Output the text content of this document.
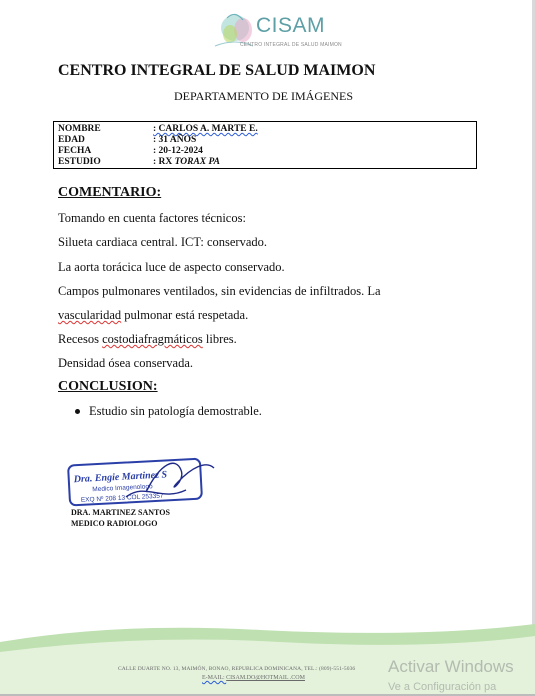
CISAM
CENTRO INTEGRAL DE SALUD MAIMON
CENTRO INTEGRAL DE SALUD MAIMON
DEPARTAMENTO DE IMÁGENES
NOMBRE	: CARLOS A. MARTE E.
EDAD	: 31 AÑOS
FECHA	: 20-12-2024
ESTUDIO	: RX TORAX PA
COMENTARIO:
Tomando en cuenta factores técnicos:
Silueta cardiaca central. ICT: conservado.
La aorta torácica luce de aspecto conservado.
Campos pulmonares ventilados, sin evidencias de infiltrados. La
vascularidad pulmonar está respetada.
Recesos costodiafragmáticos libres.
Densidad ósea conservada.
CONCLUSION:
Estudio sin patología demostrable.
Dra. Engie Martinez S
Medico Imagenologo
EXQ Nº 208 13 COL 253357
DRA. MARTINEZ SANTOS
MEDICO RADIOLOGO
CALLE DUARTE NO. 13, MAIMÓN, BONAO, REPUBLICA DOMINICANA, TEL.: (809)-551-5036
E-MAIL: CISAM.DO@HOTMAIL .COM
Activar Windows
Ve a Configuración pa
